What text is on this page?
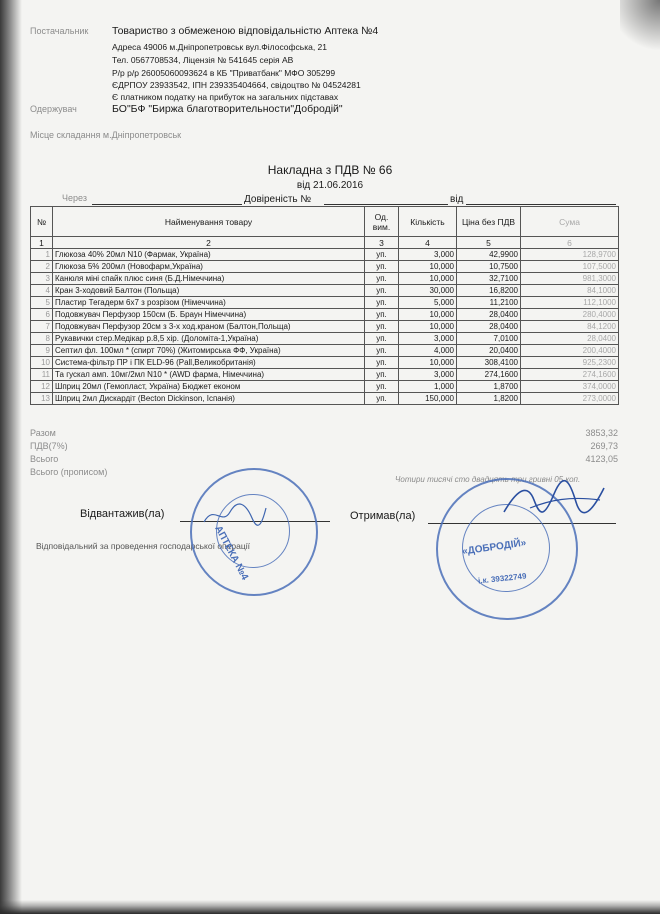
Постачальник Товариство з обмеженою відповідальністю Аптека №4
Адреса 49006 м.Дніпропетровськ вул.Філософська, 21
Тел. 0567708534, Ліцензія № 541645 серія АВ
Р/р р/р 26005060093624 в КБ "Приватбанк" МФО 305299
ЄДРПОУ 23933542, ІПН 239335404664, свідоцтво № 04524281
Є платником податку на прибуток на загальних підставах
Одержувач	БО"БФ "Биржа благотворительности"Добродій"
Місце складання м.Дніпропетровськ
Накладна з ПДВ № 66
від 21.06.2016
Через	Довіреність №	від
№	Найменування товару	Од. вим.	Кількість	Ціна без ПДВ	Сума
1	2	3	4	5	6
1	Глюкоза 40% 20мл N10 (Фармак, Україна)	уп.	3,000	42,9900	128,9700
2	Глюкоза 5% 200мл (Новофарм,Україна)	уп.	10,000	10,7500	107,5000
3	Канюля міні спайк плюс синя (Б.Д.Німеччина)	уп.	10,000	32,7100	981,3000
4	Кран 3-ходовий Балтон (Польща)	уп.	30,000	16,8200	84,1000
5	Пластир Тегадерм 6х7 з розрізом (Німеччина)	уп.	5,000	11,2100	112,1000
6	Подовжувач Перфузор 150см (Б. Браун Німеччина)	уп.	10,000	28,0400	280,4000
7	Подовжувач Перфузор 20см з 3-х ход.краном (Балтон,Польща)	уп.	10,000	28,0400	84,1200
8	Рукавички стер.Медікар р.8,5 хір. (Доломіта-1,Україна)	уп.	3,000	7,0100	28,0400
9	Септил фл. 100мл * (спирт 70%) (Житомирська ФФ, Україна)	уп.	4,000	20,0400	200,4000
10	Система-фільтр ПР і ПК ELD-96 (Pall,Великобританія)	уп.	10,000	308,4100	925,2300
11	Та гускал амп. 10мг/2мл N10 * (AWD фарма, Німеччина)	уп.	3,000	274,1600	274,1600
12	Шприц 20мл (Гемопласт, Україна) Бюджет економ	уп.	1,000	1,8700	374,0000
13	Шприц 2мл Дискардіт (Becton Dickinson, Іспанія)	уп.	150,000	1,8200	273,0000
Разом	3853,32
ПДВ(7%)	269,73
Всього	4123,05
Всього (прописом)
Чотири тисячі сто двадцять три гривні 05 коп.
Відвантажив(ла)	Отримав(ла)
Відповідальний за проведення господарської операції
АПТЕКА №4	«ДОБРОДІЙ»
і.к. 39322749
